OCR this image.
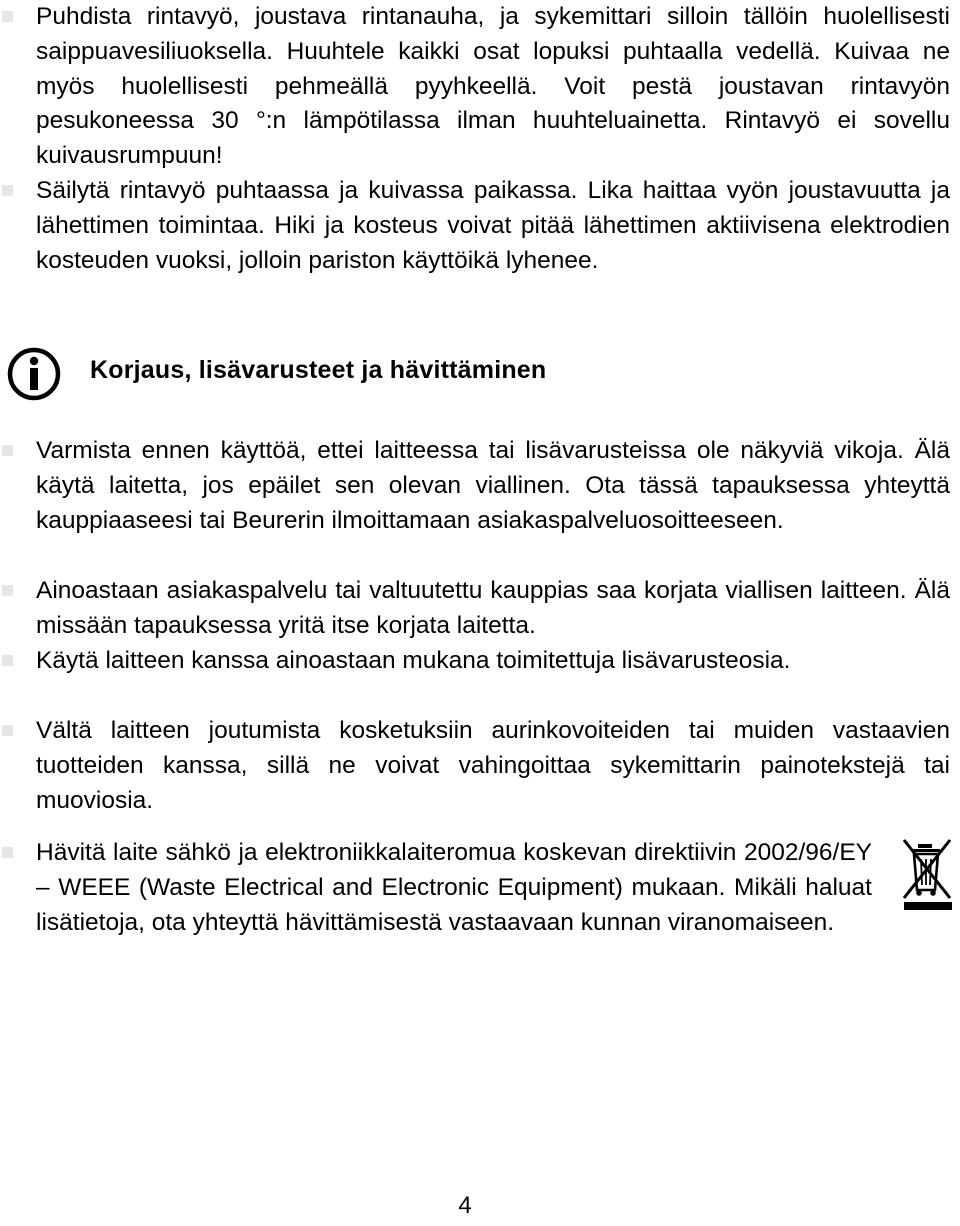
Puhdista rintavyö, joustava rintanauha, ja sykemittari silloin tällöin huolellisesti saippuavesiliuoksella. Huuhtele kaikki osat lopuksi puhtaalla vedellä. Kuivaa ne myös huolellisesti pehmeällä pyyhkeellä. Voit pestä joustavan rintavyön pesukoneessa 30 °:n lämpötilassa ilman huuhteluainetta. Rintavyö ei sovellu kuivausrumpuun!
Säilytä rintavyö puhtaassa ja kuivassa paikassa. Lika haittaa vyön joustavuutta ja lähettimen toimintaa. Hiki ja kosteus voivat pitää lähettimen aktiivisena elektrodien kosteuden vuoksi, jolloin pariston käyttöikä lyhenee.
Korjaus, lisävarusteet ja hävittäminen
Varmista ennen käyttöä, ettei laitteessa tai lisävarusteissa ole näkyviä vikoja. Älä käytä laitetta, jos epäilet sen olevan viallinen. Ota tässä tapauksessa yhteyttä kauppiaaseesi tai Beurerin ilmoittamaan asiakaspalveluosoitteeseen.
Ainoastaan asiakaspalvelu tai valtuutettu kauppias saa korjata viallisen laitteen. Älä missään tapauksessa yritä itse korjata laitetta.
Käytä laitteen kanssa ainoastaan mukana toimitettuja lisävarusteosia.
Vältä laitteen joutumista kosketuksiin aurinkovoiteiden tai muiden vastaavien tuotteiden kanssa, sillä ne voivat vahingoittaa sykemittarin painotekstejä tai muoviosia.
Hävitä laite sähkö ja elektroniikkalaiteromua koskevan direktiivin 2002/96/EY – WEEE (Waste Electrical and Electronic Equipment) mukaan. Mikäli haluat lisätietoja, ota yhteyttä hävittämisestä vastaavaan kunnan viranomaiseen.
4
